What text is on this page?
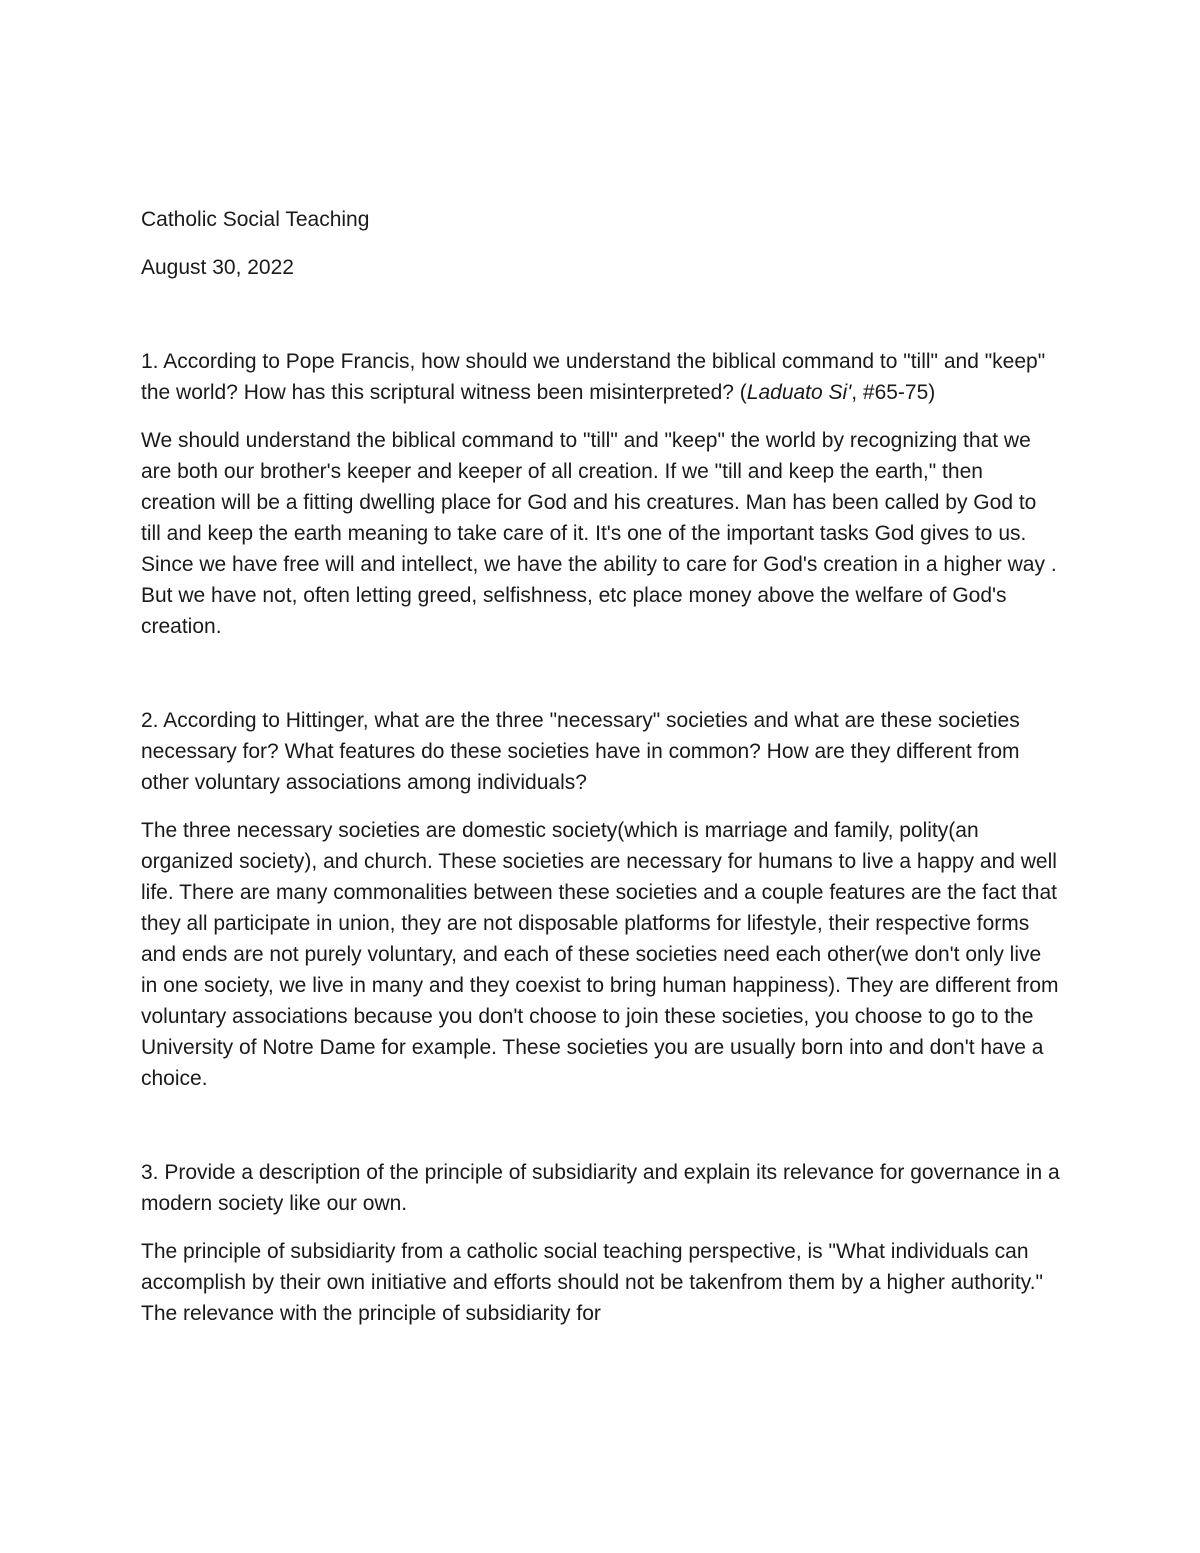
Catholic Social Teaching

August 30, 2022

1. According to Pope Francis, how should we understand the biblical command to "till" and "keep" the world? How has this scriptural witness been misinterpreted? (Laduato Si', #65-75)

We should understand the biblical command to "till" and "keep" the world by recognizing that we are both our brother's keeper and keeper of all creation. If we "till and keep the earth," then creation will be a fitting dwelling place for God and his creatures. Man has been called by God to till and keep the earth meaning to take care of it. It's one of the important tasks God gives to us. Since we have free will and intellect, we have the ability to care for God's creation in a higher way . But we have not, often letting greed, selfishness, etc place money above the welfare of God's creation.

2. According to Hittinger, what are the three "necessary" societies and what are these societies necessary for? What features do these societies have in common? How are they different from other voluntary associations among individuals?

The three necessary societies are domestic society(which is marriage and family, polity(an organized society), and church. These societies are necessary for humans to live a happy and well life. There are many commonalities between these societies and a couple features are the fact that they all participate in union, they are not disposable platforms for lifestyle, their respective forms and ends are not purely voluntary, and each of these societies need each other(we don't only live in one society, we live in many and they coexist to bring human happiness). They are different from voluntary associations because you don't choose to join these societies, you choose to go to the University of Notre Dame for example. These societies you are usually born into and don't have a choice.

3. Provide a description of the principle of subsidiarity and explain its relevance for governance in a modern society like our own.

The principle of subsidiarity from a catholic social teaching perspective, is "What individuals can accomplish by their own initiative and efforts should not be takenfrom them by a higher authority." The relevance with the principle of subsidiarity for
